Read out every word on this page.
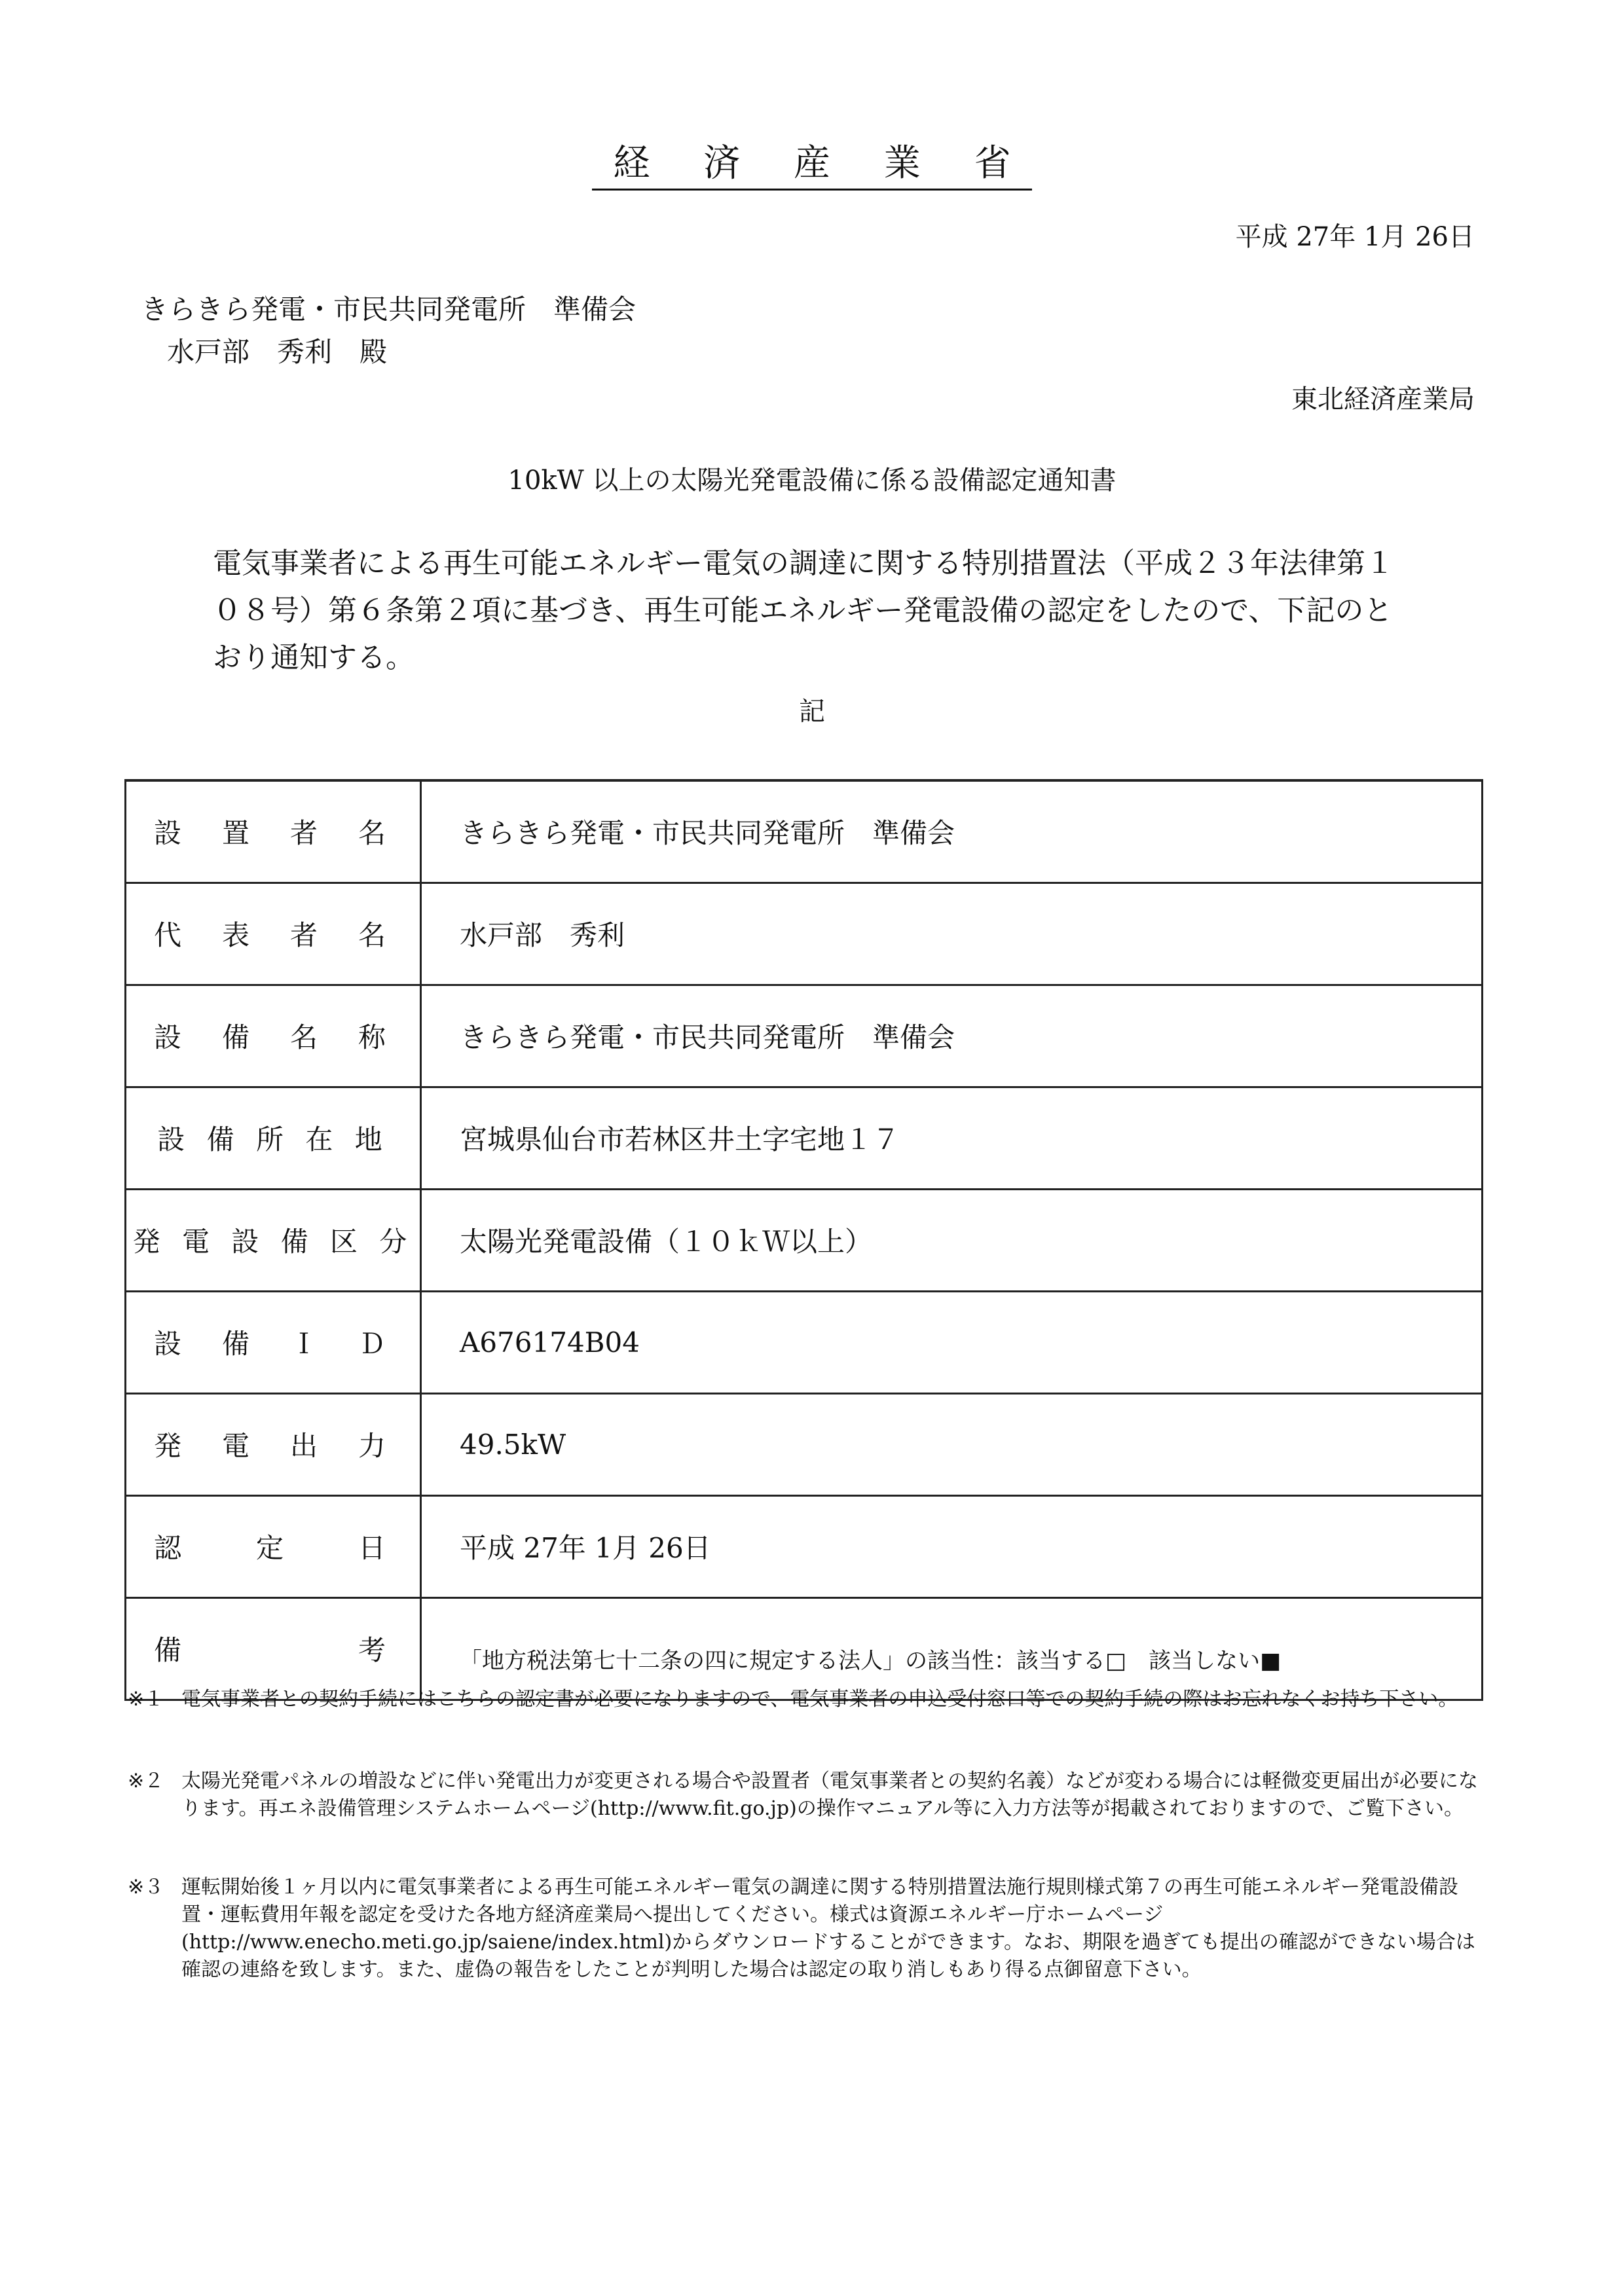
経 済 産 業 省
平成 27年 1月 26日
きらきら発電・市民共同発電所　準備会
水戸部　秀利　殿
東北経済産業局
10kW 以上の太陽光発電設備に係る設備認定通知書
電気事業者による再生可能エネルギー電気の調達に関する特別措置法（平成２３年法律第１０８号）第６条第２項に基づき、再生可能エネルギー発電設備の認定をしたので、下記のとおり通知する。
記
設　置　者　名	きらきら発電・市民共同発電所　準備会
代　表　者　名	水戸部　秀利
設　備　名　称	きらきら発電・市民共同発電所　準備会
設 備 所 在 地	宮城県仙台市若林区井土字宅地１７
発 電 設 備 区 分	太陽光発電設備（１０ｋＷ以上）
設　備　Ｉ　Ｄ	A676174B04
発　電　出　力	49.5kW
認　　定　　日	平成 27年 1月 26日
備　　　　　考	「地方税法第七十二条の四に規定する法人」の該当性：該当する□　該当しない■
※１ 電気事業者との契約手続にはこちらの認定書が必要になりますので、電気事業者の申込受付窓口等での契約手続の際はお忘れなくお持ち下さい。
※２ 太陽光発電パネルの増設などに伴い発電出力が変更される場合や設置者（電気事業者との契約名義）などが変わる場合には軽微変更届出が必要になります。再エネ設備管理システムホームページ(http://www.fit.go.jp)の操作マニュアル等に入力方法等が掲載されておりますので、ご覧下さい。
※３ 運転開始後１ヶ月以内に電気事業者による再生可能エネルギー電気の調達に関する特別措置法施行規則様式第７の再生可能エネルギー発電設備設置・運転費用年報を認定を受けた各地方経済産業局へ提出してください。様式は資源エネルギー庁ホームページ(http://www.enecho.meti.go.jp/saiene/index.html)からダウンロードすることができます。なお、期限を過ぎても提出の確認ができない場合は確認の連絡を致します。また、虚偽の報告をしたことが判明した場合は認定の取り消しもあり得る点御留意下さい。
